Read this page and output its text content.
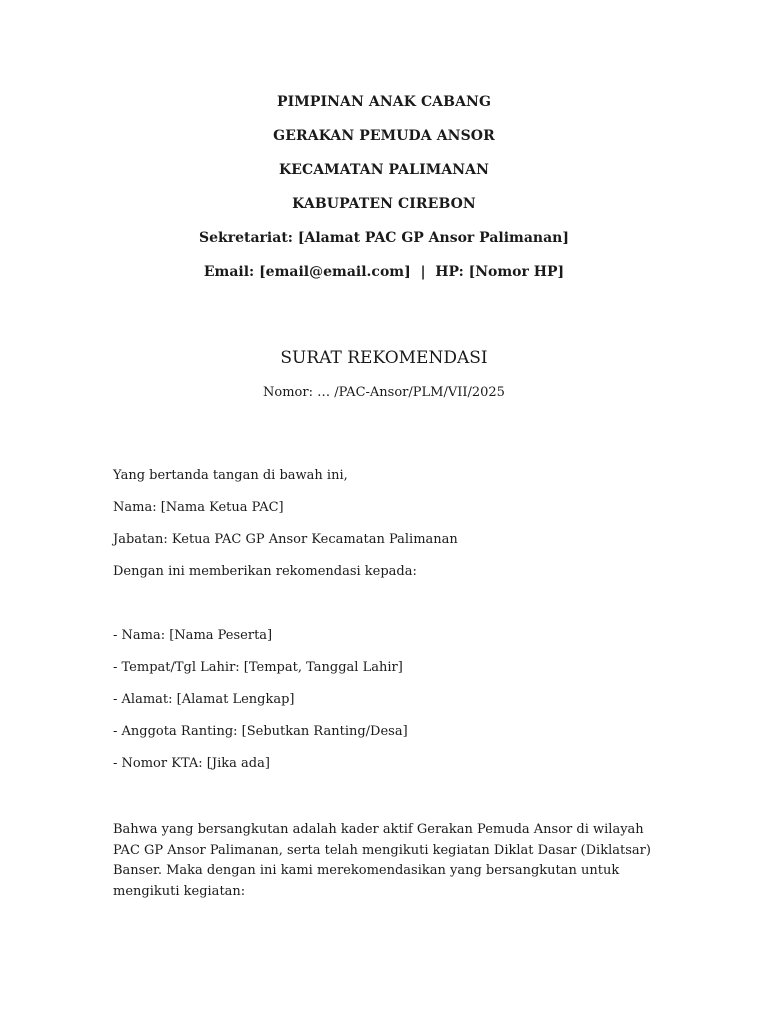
PIMPINAN ANAK CABANG
GERAKAN PEMUDA ANSOR
KECAMATAN PALIMANAN
KABUPATEN CIREBON
Sekretariat: [Alamat PAC GP Ansor Palimanan]
Email: [email@email.com]  |  HP: [Nomor HP]
SURAT REKOMENDASI
Nomor: … /PAC-Ansor/PLM/VII/2025
Yang bertanda tangan di bawah ini,
Nama: [Nama Ketua PAC]
Jabatan: Ketua PAC GP Ansor Kecamatan Palimanan
Dengan ini memberikan rekomendasi kepada:
- Nama: [Nama Peserta]
- Tempat/Tgl Lahir: [Tempat, Tanggal Lahir]
- Alamat: [Alamat Lengkap]
- Anggota Ranting: [Sebutkan Ranting/Desa]
- Nomor KTA: [Jika ada]
Bahwa yang bersangkutan adalah kader aktif Gerakan Pemuda Ansor di wilayah PAC GP Ansor Palimanan, serta telah mengikuti kegiatan Diklat Dasar (Diklatsar) Banser. Maka dengan ini kami merekomendasikan yang bersangkutan untuk mengikuti kegiatan:
